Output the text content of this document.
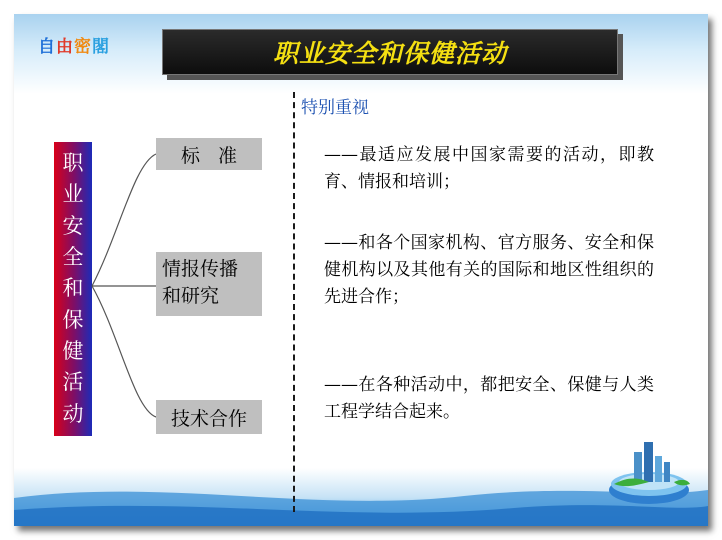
自由密閣	职业安全和保健活动
职
业
安
全
和
保
健
活
动
标准
情报传播和研究
技术合作
特别重视
——最适应发展中国家需要的活动，即教育、情报和培训；
——和各个国家机构、官方服务、安全和保健机构以及其他有关的国际和地区性组织的先进合作；
——在各种活动中，都把安全、保健与人类工程学结合起来。
